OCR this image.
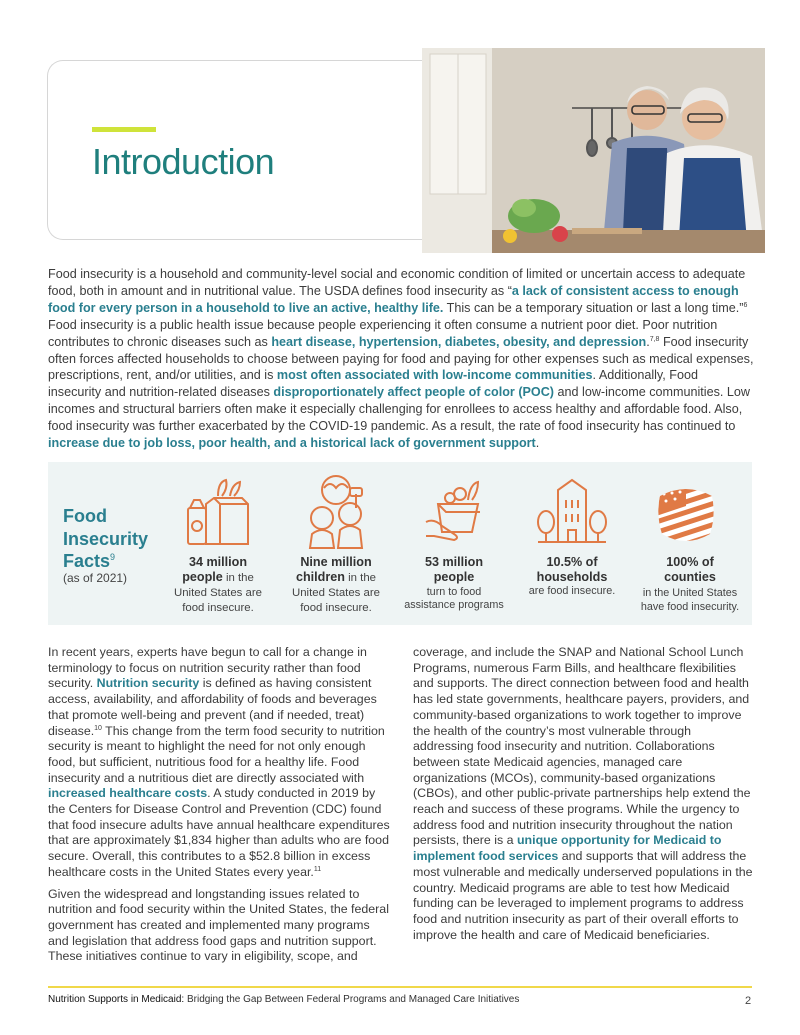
Introduction

Food insecurity is a household and community-level social and economic condition of limited or uncertain access to adequate food, both in amount and in nutritional value. The USDA defines food insecurity as “a lack of consistent access to enough food for every person in a household to live an active, healthy life. This can be a temporary situation or last a long time.”$^6$ Food insecurity is a public health issue because people experiencing it often consume a nutrient poor diet. Poor nutrition contributes to chronic diseases such as heart disease, hypertension, diabetes, obesity, and depression.$^{7,8}$ Food insecurity often forces affected households to choose between paying for food and paying for other expenses such as medical expenses, prescriptions, rent, and/or utilities, and is most often associated with low-income communities. Additionally, Food insecurity and nutrition-related diseases disproportionately affect people of color (POC) and low-income communities. Low incomes and structural barriers often make it especially challenging for enrollees to access healthy and affordable food. Also, food insecurity was further exacerbated by the COVID-19 pandemic. As a result, the rate of food insecurity has continued to increase due to job loss, poor health, and a historical lack of government support.

Food
Insecurity
Facts$^9$
(as of 2021)
34 million
people in the
United States are
food insecure.
Nine million
children in the
United States are
food insecure.
53 million
people
turn to food
assistance programs
10.5% of
households
are food insecure.
100% of
counties
in the United States
have food insecurity.

In recent years, experts have begun to call for a change in terminology to focus on nutrition security rather than food security. Nutrition security is defined as having consistent access, availability, and affordability of foods and beverages that promote well-being and prevent (and if needed, treat) disease.$^{10}$ This change from the term food security to nutrition security is meant to highlight the need for not only enough food, but sufficient, nutritious food for a healthy life. Food insecurity and a nutritious diet are directly associated with increased healthcare costs. A study conducted in 2019 by the Centers for Disease Control and Prevention (CDC) found that food insecure adults have annual healthcare expenditures that are approximately $1,834 higher than adults who are food secure. Overall, this contributes to a $52.8 billion in excess healthcare costs in the United States every year.$^{11}$

Given the widespread and longstanding issues related to nutrition and food security within the United States, the federal government has created and implemented many programs and legislation that address food gaps and nutrition support. These initiatives continue to vary in eligibility, scope, and

coverage, and include the SNAP and National School Lunch Programs, numerous Farm Bills, and healthcare flexibilities and supports. The direct connection between food and health has led state governments, healthcare payers, providers, and community-based organizations to work together to improve the health of the country’s most vulnerable through addressing food insecurity and nutrition. Collaborations between state Medicaid agencies, managed care organizations (MCOs), community-based organizations (CBOs), and other public-private partnerships help extend the reach and success of these programs. While the urgency to address food and nutrition insecurity throughout the nation persists, there is a unique opportunity for Medicaid to implement food services and supports that will address the most vulnerable and medically underserved populations in the country. Medicaid programs are able to test how Medicaid funding can be leveraged to implement programs to address food and nutrition insecurity as part of their overall efforts to improve the health and care of Medicaid beneficiaries.

Nutrition Supports in Medicaid: Bridging the Gap Between Federal Programs and Managed Care Initiatives	2
